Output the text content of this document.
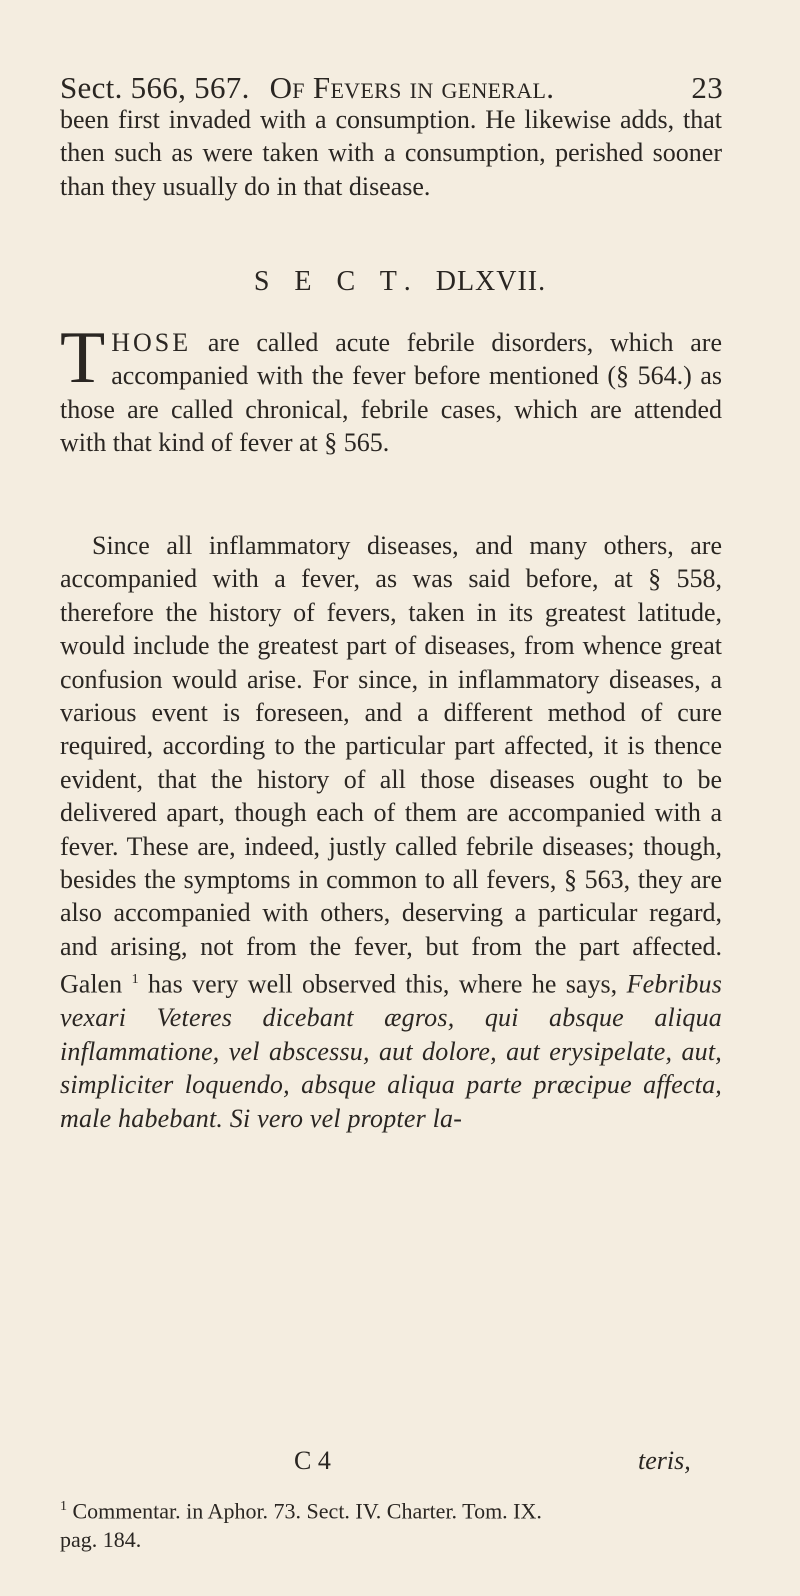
Sect. 566, 567. Of Fevers in general.	23
been first invaded with a consumption. He likewise adds, that then such as were taken with a consumption, perished sooner than they usually do in that disease.
S E C T. DLXVII.
THOSE are called acute febrile disorders, which are accompanied with the fever before mentioned (§ 564.) as those are called chronical, febrile cases, which are attended with that kind of fever at § 565.
Since all inflammatory diseases, and many others, are accompanied with a fever, as was said before, at § 558, therefore the history of fevers, taken in its greatest latitude, would include the greatest part of diseases, from whence great confusion would arise. For since, in inflammatory diseases, a various event is foreseen, and a different method of cure required, according to the particular part affected, it is thence evident, that the history of all those diseases ought to be delivered apart, though each of them are accompanied with a fever. These are, indeed, justly called febrile diseases; though, besides the symptoms in common to all fevers, § 563, they are also accompanied with others, deserving a particular regard, and arising, not from the fever, but from the part affected. Galen $^1$ has very well observed this, where he says, Febribus vexari Veteres dicebant ægros, qui absque aliqua inflammatione, vel abscessu, aut dolore, aut erysipelate, aut, simpliciter loquendo, absque aliqua parte præcipue affecta, male habebant. Si vero vel propter la-
C 4	teris,
$^1$ Commentar. in Aphor. 73. Sect. IV. Charter. Tom. IX.
pag. 184.
